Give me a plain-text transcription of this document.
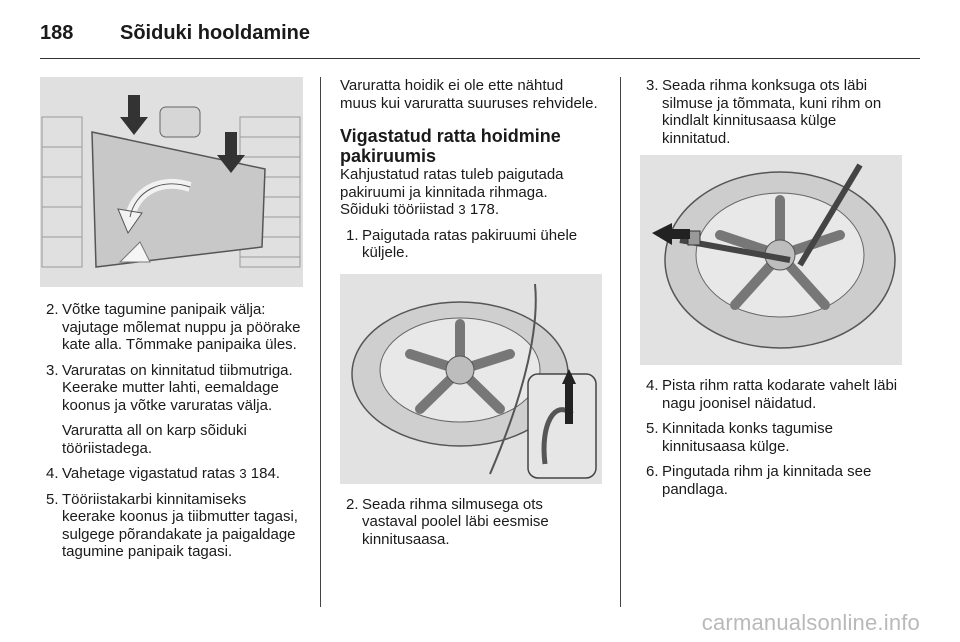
188	Sõiduki hooldamine
2. Võtke tagumine panipaik välja: vajutage mõlemat nuppu ja pöörake kate alla. Tõmmake panipaika üles.
3. Varuratas on kinnitatud tiibmutriga. Keerake mutter lahti, eemaldage koonus ja võtke varuratas välja.
Varuratta all on karp sõiduki tööriistadega.
4. Vahetage vigastatud ratas 3 184.
5. Tööriistakarbi kinnitamiseks keerake koonus ja tiibmutter tagasi, sulgege põrandakate ja paigaldage tagumine panipaik tagasi.

Varuratta hoidik ei ole ette nähtud muus kui varuratta suuruses rehvidele.

Vigastatud ratta hoidmine pakiruumis

Kahjustatud ratas tuleb paigutada pakiruumi ja kinnitada rihmaga.

Sõiduki tööriistad 3 178.

1. Paigutada ratas pakiruumi ühele küljele.
2. Seada rihma silmusega ots vastaval poolel läbi eesmise kinnitusaasa.
3. Seada rihma konksuga ots läbi silmuse ja tõmmata, kuni rihm on kindlalt kinnitusaasa külge kinnitatud.
4. Pista rihm ratta kodarate vahelt läbi nagu joonisel näidatud.
5. Kinnitada konks tagumise kinnitusaasa külge.
6. Pingutada rihm ja kinnitada see pandlaga.
carmanualsonline.info
